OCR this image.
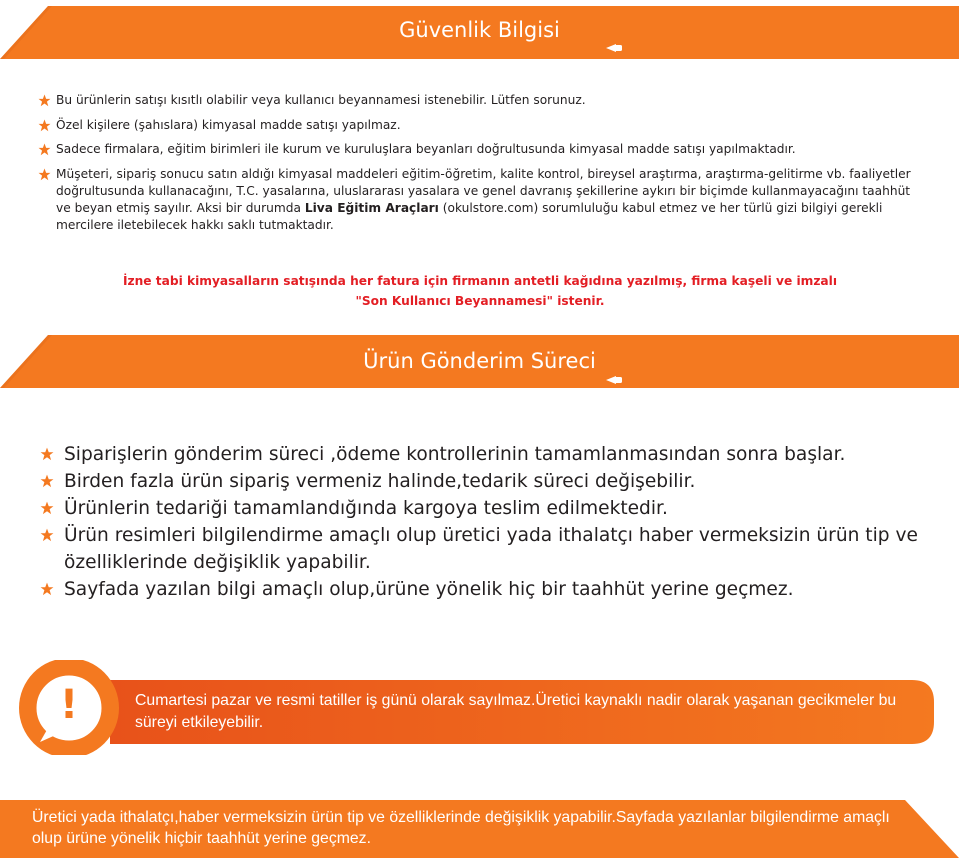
Güvenlik Bilgisi
Bu ürünlerin satışı kısıtlı olabilir veya kullanıcı beyannamesi istenebilir. Lütfen sorunuz.
Özel kişilere (şahıslara) kimyasal madde satışı yapılmaz.
Sadece firmalara, eğitim birimleri ile kurum ve kuruluşlara beyanları doğrultusunda kimyasal madde satışı yapılmaktadır.
Müşeteri, sipariş sonucu satın aldığı kimyasal maddeleri eğitim-öğretim, kalite kontrol, bireysel araştırma, araştırma-gelitirme vb. faaliyetler doğrultusunda kullanacağını, T.C. yasalarına, uluslararası yasalara ve genel davranış şekillerine aykırı bir biçimde kullanmayacağını taahhüt ve beyan etmiş sayılır. Aksi bir durumda Liva Eğitim Araçları (okulstore.com) sorumluluğu kabul etmez ve her türlü gizi bilgiyi gerekli mercilere iletebilecek hakkı saklı tutmaktadır.
İzne tabi kimyasalların satışında her fatura için firmanın antetli kağıdına yazılmış, firma kaşeli ve imzalı
"Son Kullanıcı Beyannamesi" istenir.
Ürün Gönderim Süreci
Siparişlerin gönderim süreci ,ödeme kontrollerinin tamamlanmasından sonra başlar.
Birden fazla ürün sipariş vermeniz halinde,tedarik süreci değişebilir.
Ürünlerin tedariği tamamlandığında kargoya teslim edilmektedir.
Ürün resimleri bilgilendirme amaçlı olup üretici yada ithalatçı haber vermeksizin ürün tip ve özelliklerinde değişiklik yapabilir.
Sayfada yazılan bilgi amaçlı olup,ürüne yönelik hiç bir taahhüt yerine geçmez.
!	Cumartesi pazar ve resmi tatiller iş günü olarak sayılmaz.Üretici kaynaklı nadir olarak yaşanan gecikmeler bu süreyi etkileyebilir.
Üretici yada ithalatçı,haber vermeksizin ürün tip ve özelliklerinde değişiklik yapabilir.Sayfada yazılanlar bilgilendirme amaçlı olup ürüne yönelik hiçbir taahhüt yerine geçmez.
